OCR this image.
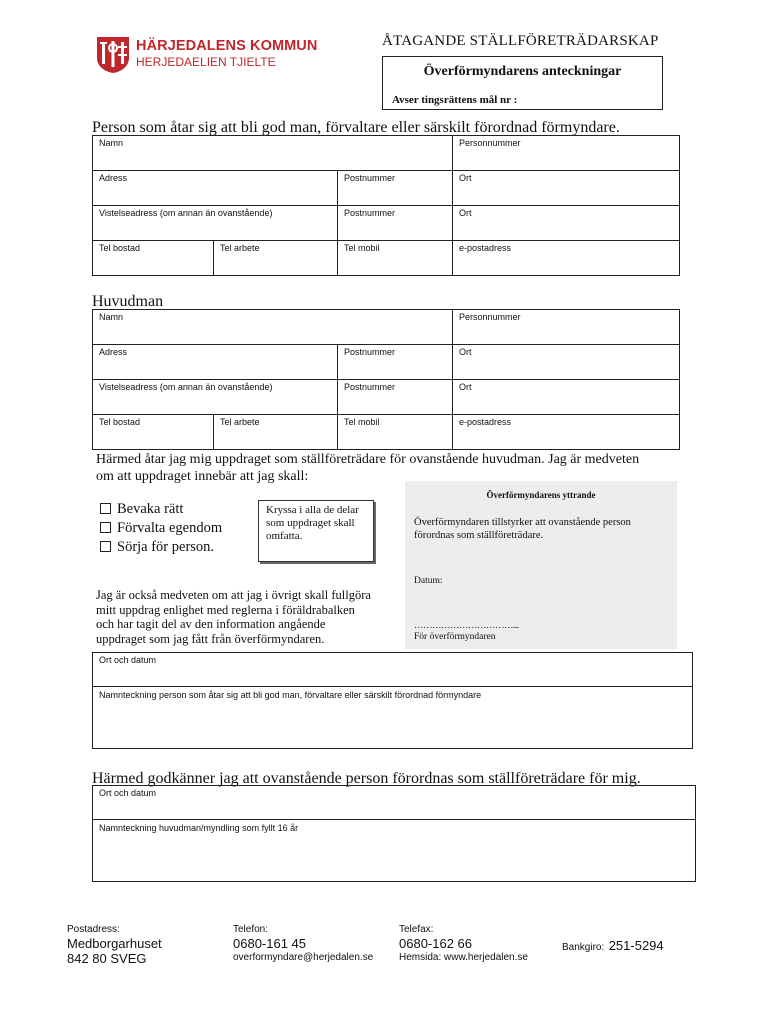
HÄRJEDALENS KOMMUN
HERJEDAELIEN TJIELTE
ÅTAGANDE STÄLLFÖRETRÄDARSKAP
Överförmyndarens anteckningar
Avser tingsrättens mål nr :
Person som åtar sig att bli god man, förvaltare eller särskilt förordnad förmyndare.
Namn	Personnummer
Adress	Postnummer	Ort
Vistelseadress (om annan än ovanstående)	Postnummer	Ort
Tel bostad	Tel arbete	Tel mobil	e-postadress
Huvudman
Namn	Personnummer
Adress	Postnummer	Ort
Vistelseadress (om annan än ovanstående)	Postnummer	Ort
Tel bostad	Tel arbete	Tel mobil	e-postadress
Härmed åtar jag mig uppdraget som ställföreträdare för ovanstående huvudman. Jag är medveten
om att uppdraget innebär att jag skall:
Bevaka rätt
Förvalta egendom
Sörja för person.
Kryssa i alla de delar som uppdraget skall omfatta.
Jag är också medveten om att jag i övrigt skall fullgöra
mitt uppdrag enlighet med reglerna i föräldrabalken
och har tagit del av den information angående
uppdraget som jag fått från överförmyndaren.
Överförmyndarens yttrande
Överförmyndaren tillstyrker att ovanstående person förordnas som ställföreträdare.
Datum:
……………………………...
För överförmyndaren
Ort och datum
Namnteckning person som åtar sig att bli god man, förvaltare eller särskilt förordnad förmyndare
Härmed godkänner jag att ovanstående person förordnas som ställföreträdare för mig.
Ort och datum
Namnteckning huvudman/myndling som fyllt 16 år
Postadress:
Medborgarhuset
842 80 SVEG
Telefon:
0680-161 45
overformyndare@herjedalen.se
Telefax:
0680-162 66
Hemsida: www.herjedalen.se
Bankgiro: 251-5294
